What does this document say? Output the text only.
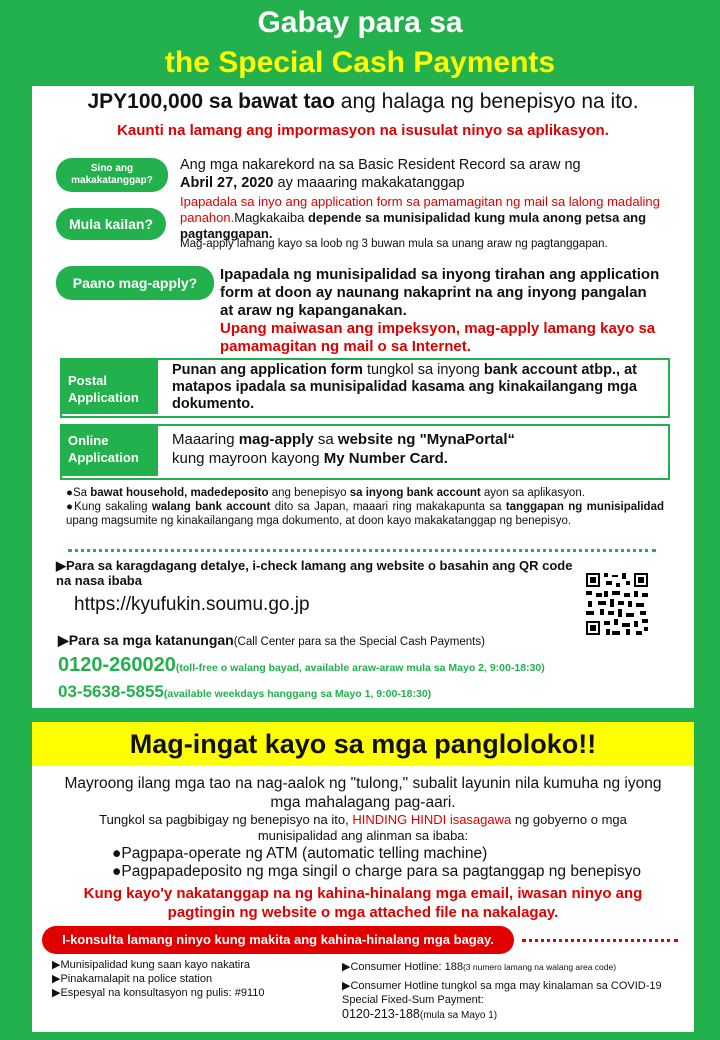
Gabay para sa
the Special Cash Payments
JPY100,000 sa bawat tao ang halaga ng benepisyo na ito.
Kaunti na lamang ang impormasyon na isusulat ninyo sa aplikasyon.
Sino ang makakatanggap?
Ang mga nakarekord na sa Basic Resident Record sa araw ng
Abril 27, 2020 ay maaaring makakatanggap
Mula kailan?
Ipapadala sa inyo ang application form sa pamamagitan ng mail sa lalong madaling panahon.Magkakaiba depende sa munisipalidad kung mula anong petsa ang pagtanggapan.
Mag-apply lamang kayo sa loob ng 3 buwan mula sa unang araw ng pagtanggapan.
Paano mag-apply?	Ipapadala ng munisipalidad sa inyong tirahan ang application form at doon ay naunang nakaprint na ang inyong pangalan at araw ng kapanganakan.
Upang maiwasan ang impeksyon, mag-apply lamang kayo sa pamamagitan ng mail o sa Internet.
Postal Application
Punan ang application form tungkol sa inyong bank account atbp., at matapos ipadala sa munisipalidad kasama ang kinakailangang mga dokumento.
Online Application
Maaaring mag-apply sa website ng "MynaPortal“
kung mayroon kayong My Number Card.
●Sa bawat household, madedeposito ang benepisyo sa inyong bank account ayon sa aplikasyon.
●Kung sakaling walang bank account dito sa Japan, maaari ring makakapunta sa tanggapan ng munisipalidad upang magsumite ng kinakailangang mga dokumento, at doon kayo makakatanggap ng benepisyo.
▶Para sa karagdagang detalye, i-check lamang ang website o basahin ang QR code na nasa ibaba
https://kyufukin.soumu.go.jp
▶Para sa mga katanungan(Call Center para sa the Special Cash Payments)
0120-260020(toll-free o walang bayad, available araw-araw mula sa Mayo 2, 9:00-18:30)
03-5638-5855(available weekdays hanggang sa Mayo 1, 9:00-18:30)
Mag-ingat kayo sa mga pangloloko!!
Mayroong ilang mga tao na nag-aalok ng "tulong," subalit layunin nila kumuha ng iyong mga mahalagang pag-aari.
Tungkol sa pagbibigay ng benepisyo na ito, HINDING HINDI isasagawa ng gobyerno o mga munisipalidad ang alinman sa ibaba:
●Pagpapa-operate ng ATM (automatic telling machine)
●Pagpapadeposito ng mga singil o charge para sa pagtanggap ng benepisyo
Kung kayo'y nakatanggap na ng kahina-hinalang mga email, iwasan ninyo ang pagtingin ng website o mga attached file na nakalagay.
I-konsulta lamang ninyo kung makita ang kahina-hinalang mga bagay.
▶Munisipalidad kung saan kayo nakatira
▶Pinakamalapit na police station
▶Espesyal na konsultasyon ng pulis: #9110
▶Consumer Hotline: 188(3 numero lamang na walang area code)
▶Consumer Hotline tungkol sa mga may kinalaman sa COVID-19 Special Fixed-Sum Payment:
0120-213-188(mula sa Mayo 1)
